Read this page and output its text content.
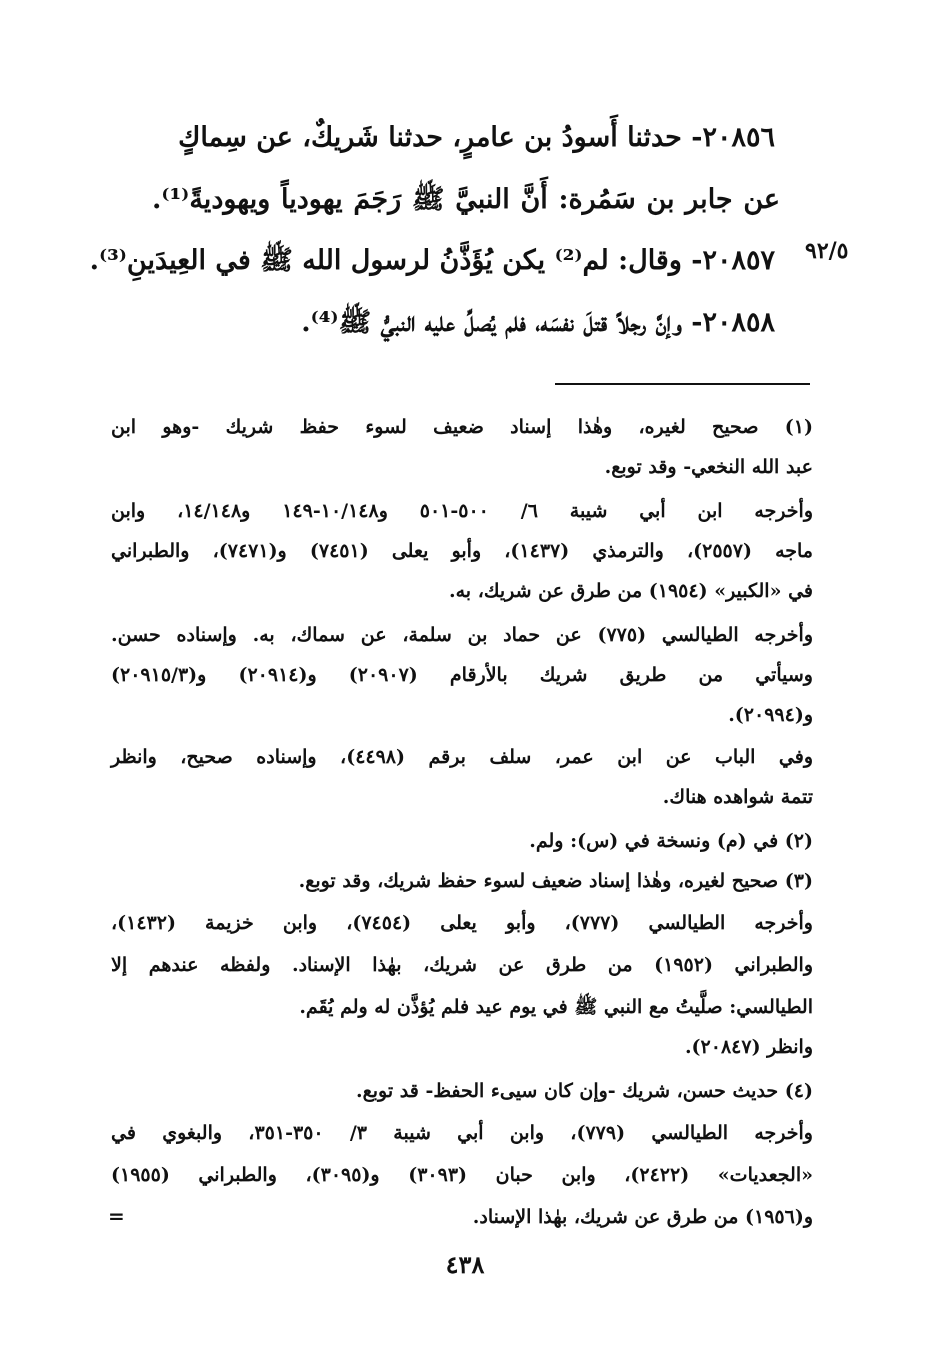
٢٠٨٥٦- حدثنا أَسودُ بن عامرٍ، حدثنا شَريكٌ، عن سِماكٍ
عن جابر بن سَمُرة: أَنَّ النبيَّ ﷺ رَجَمَ يهودياً ويهوديةً⁽¹⁾.
٢٠٨٥٧- وقال: لم⁽²⁾ يكن يُؤَذَّنُ لرسول الله ﷺ في العِيدَينِ⁽³⁾.
٢٠٨٥٨- وإنَّ رجلاً قتلَ نفسَه، فلم يُصلِّ عليه النبيُّ ﷺ⁽⁴⁾.
٩٢/٥
(١) صحيح لغيره، وهٰذا إسناد ضعيف لسوء حفظ شريك -وهو ابن
عبد الله النخعي- وقد توبع.
وأخرجه ابن أبي شيبة ٦/ ٥٠٠-٥٠١ و١٠/١٤٨-١٤٩ و١٤/١٤٨، وابن
ماجه (٢٥٥٧)، والترمذي (١٤٣٧)، وأبو يعلى (٧٤٥١) و(٧٤٧١)، والطبراني
في «الكبير» (١٩٥٤) من طرق عن شريك، به.
وأخرجه الطيالسي (٧٧٥) عن حماد بن سلمة، عن سماك، به. وإسناده حسن.
وسيأتي من طريق شريك بالأرقام (٢٠٩٠٧) و(٢٠٩١٤) و(٢٠٩١٥/٣)
و(٢٠٩٩٤).
وفي الباب عن ابن عمر، سلف برقم (٤٤٩٨)، وإسناده صحيح، وانظر
تتمة شواهده هناك.
(٢) في (م) ونسخة في (س): ولم.
(٣) صحيح لغيره، وهٰذا إسناد ضعيف لسوء حفظ شريك، وقد توبع.
وأخرجه الطيالسي (٧٧٧)، وأبو يعلى (٧٤٥٤)، وابن خزيمة (١٤٣٢)،
والطبراني (١٩٥٢) من طرق عن شريك، بهٰذا الإسناد. ولفظه عندهم إلا
الطيالسي: صلَّيتُ مع النبي ﷺ في يوم عيد فلم يُؤذَّن له ولم يُقَم.
وانظر (٢٠٨٤٧).
(٤) حديث حسن، شريك -وإن كان سيىء الحفظ- قد توبع.
وأخرجه الطيالسي (٧٧٩)، وابن أبي شيبة ٣/ ٣٥٠-٣٥١، والبغوي في
«الجعديات» (٢٤٢٢)، وابن حبان (٣٠٩٣) و(٣٠٩٥)، والطبراني (١٩٥٥)
و(١٩٥٦) من طرق عن شريك، بهٰذا الإسناد.
=
٤٣٨
